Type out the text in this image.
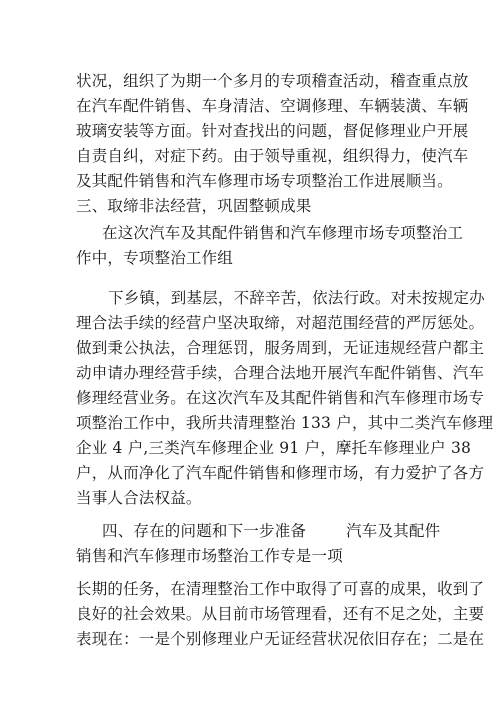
状况，组织了为期一个多月的专项稽查活动，稽查重点放
在汽车配件销售、车身清洁、空调修理、车辆装潢、车辆
玻璃安装等方面。针对查找出的问题，督促修理业户开展
自责自纠，对症下药。由于领导重视，组织得力，使汽车
及其配件销售和汽车修理市场专项整治工作进展顺当。
三、取缔非法经营，巩固整顿成果
在这次汽车及其配件销售和汽车修理市场专项整治工
作中，专项整治工作组
下乡镇，到基层，不辞辛苦，依法行政。对未按规定办
理合法手续的经营户坚决取缔，对超范围经营的严厉惩处。
做到秉公执法，合理惩罚，服务周到，无证违规经营户都主
动申请办理经营手续，合理合法地开展汽车配件销售、汽车
修理经营业务。在这次汽车及其配件销售和汽车修理市场专
项整治工作中，我所共清理整治 133 户，其中二类汽车修理
企业 4 户,三类汽车修理企业 91 户，摩托车修理业户 38
户，从而净化了汽车配件销售和修理市场，有力爱护了各方
当事人合法权益。
四、存在的问题和下一步准备	汽车及其配件
销售和汽车修理市场整治工作专是一项
长期的任务，在清理整治工作中取得了可喜的成果，收到了
良好的社会效果。从目前市场管理看，还有不足之处，主要
表现在：一是个别修理业户无证经营状况依旧存在；二是在
